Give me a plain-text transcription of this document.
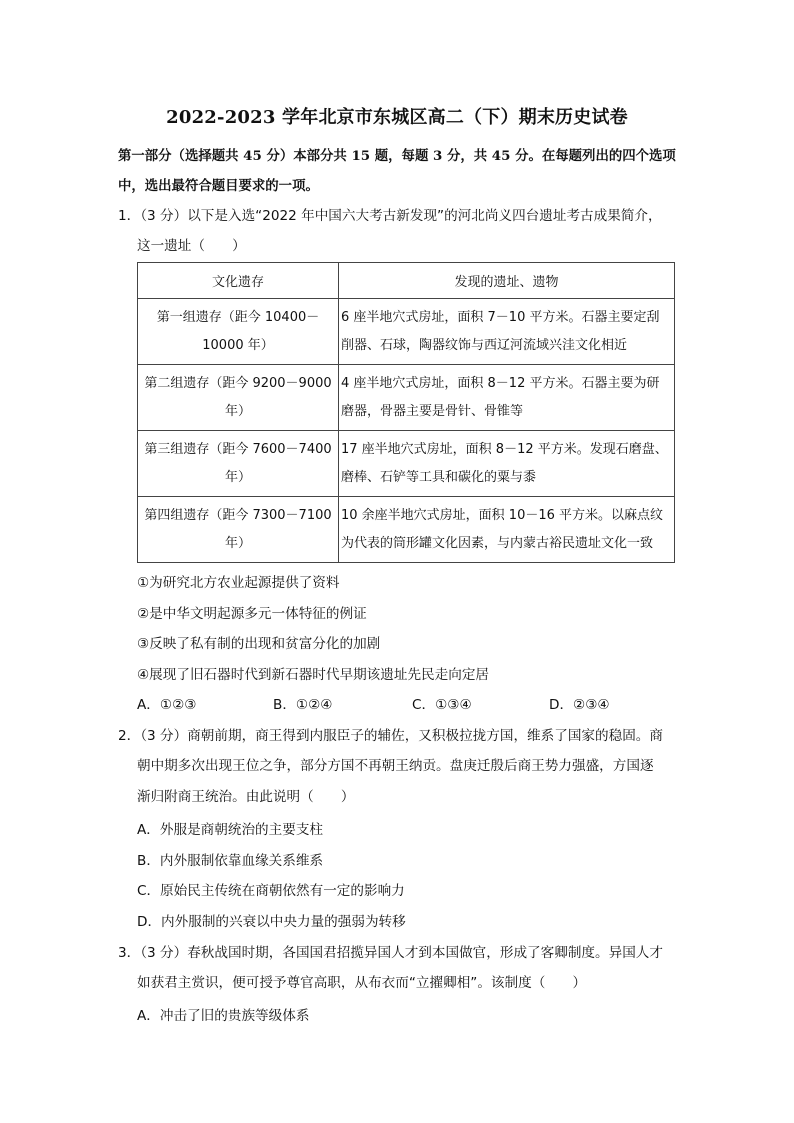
2022-2023 学年北京市东城区高二（下）期末历史试卷
第一部分（选择题共 45 分）本部分共 15 题，每题 3 分，共 45 分。在每题列出的四个选项中，选出最符合题目要求的一项。
1．（3 分）以下是入选“2022 年中国六大考古新发现”的河北尚义四台遗址考古成果简介，
这一遗址（　　）
文化遗存	发现的遗址、遗物
第一组遗存（距今 10400－10000 年）	6 座半地穴式房址，面积 7－10 平方米。石器主要定刮削器、石球，陶器纹饰与西辽河流域兴洼文化相近
第二组遗存（距今 9200－9000 年）	4 座半地穴式房址，面积 8－12 平方米。石器主要为研磨器，骨器主要是骨针、骨锥等
第三组遗存（距今 7600－7400 年）	17 座半地穴式房址，面积 8－12 平方米。发现石磨盘、磨棒、石铲等工具和碳化的粟与黍
第四组遗存（距今 7300－7100 年）	10 余座半地穴式房址，面积 10－16 平方米。以麻点纹为代表的筒形罐文化因素，与内蒙古裕民遗址文化一致
①为研究北方农业起源提供了资料
②是中华文明起源多元一体特征的例证
③反映了私有制的出现和贫富分化的加剧
④展现了旧石器时代到新石器时代早期该遗址先民走向定居
A．①②③	B．①②④	C．①③④	D．②③④
2．（3 分）商朝前期，商王得到内服臣子的辅佐，又积极拉拢方国，维系了国家的稳固。商
朝中期多次出现王位之争，部分方国不再朝王纳贡。盘庚迁殷后商王势力强盛，方国逐
渐归附商王统治。由此说明（　　）
A．外服是商朝统治的主要支柱
B．内外服制依靠血缘关系维系
C．原始民主传统在商朝依然有一定的影响力
D．内外服制的兴衰以中央力量的强弱为转移
3．（3 分）春秋战国时期，各国国君招揽异国人才到本国做官，形成了客卿制度。异国人才
如获君主赏识，便可授予尊官高职，从布衣而“立擢卿相”。该制度（　　）
A．冲击了旧的贵族等级体系
